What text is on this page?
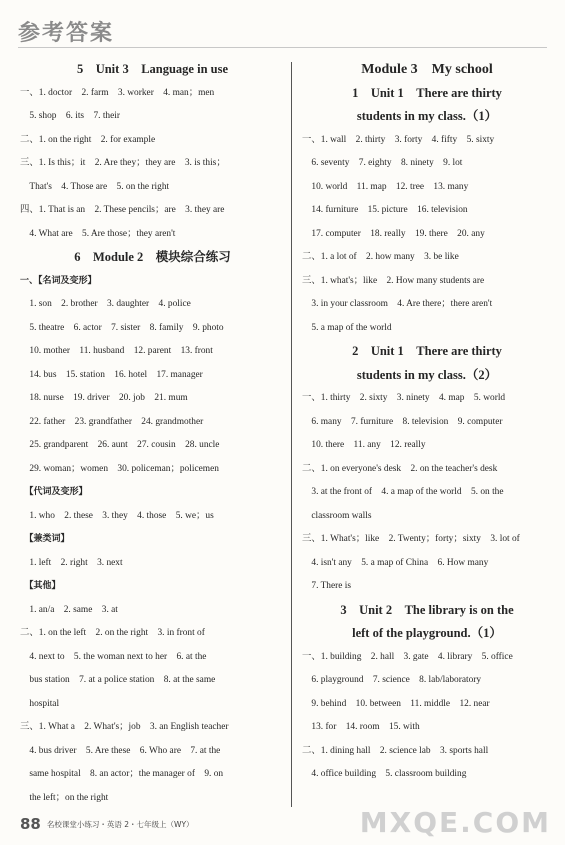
参考答案
5　Unit 3　Language in use
一、1. doctor　2. farm　3. worker　4. man；men
　5. shop　6. its　7. their
二、1. on the right　2. for example
三、1. Is this；it　2. Are they；they are　3. is this；
　That's　4. Those are　5. on the right
四、1. That is an　2. These pencils；are　3. they are
　4. What are　5. Are those；they aren't
6　Module 2　模块综合练习
一、【名词及变形】
　1. son　2. brother　3. daughter　4. police
　5. theatre　6. actor　7. sister　8. family　9. photo
　10. mother　11. husband　12. parent　13. front
　14. bus　15. station　16. hotel　17. manager
　18. nurse　19. driver　20. job　21. mum
　22. father　23. grandfather　24. grandmother
　25. grandparent　26. aunt　27. cousin　28. uncle
　29. woman；women　30. policeman；policemen
　【代词及变形】
　1. who　2. these　3. they　4. those　5. we；us
　【兼类词】
　1. left　2. right　3. next
　【其他】
　1. an/a　2. same　3. at
二、1. on the left　2. on the right　3. in front of
　4. next to　5. the woman next to her　6. at the
　bus station　7. at a police station　8. at the same
　hospital
三、1. What a　2. What's；job　3. an English teacher
　4. bus driver　5. Are these　6. Who are　7. at the
　same hospital　8. an actor；the manager of　9. on
　the left；on the right
Module 3　My school
1　Unit 1　There are thirty
students in my class.（1）
一、1. wall　2. thirty　3. forty　4. fifty　5. sixty
　6. seventy　7. eighty　8. ninety　9. lot
　10. world　11. map　12. tree　13. many
　14. furniture　15. picture　16. television
　17. computer　18. really　19. there　20. any
二、1. a lot of　2. how many　3. be like
三、1. what's；like　2. How many students are
　3. in your classroom　4. Are there；there aren't
　5. a map of the world
2　Unit 1　There are thirty
students in my class.（2）
一、1. thirty　2. sixty　3. ninety　4. map　5. world
　6. many　7. furniture　8. television　9. computer
　10. there　11. any　12. really
二、1. on everyone's desk　2. on the teacher's desk
　3. at the front of　4. a map of the world　5. on the
　classroom walls
三、1. What's；like　2. Twenty；forty；sixty　3. lot of
　4. isn't any　5. a map of China　6. How many
　7. There is
3　Unit 2　The library is on the
left of the playground.（1）
一、1. building　2. hall　3. gate　4. library　5. office
　6. playground　7. science　8. lab/laboratory
　9. behind　10. between　11. middle　12. near
　13. for　14. room　15. with
二、1. dining hall　2. science lab　3. sports hall
　4. office building　5. classroom building
88 名校课堂小练习・英语 2・七年级上（WY）	MXQE.COM
